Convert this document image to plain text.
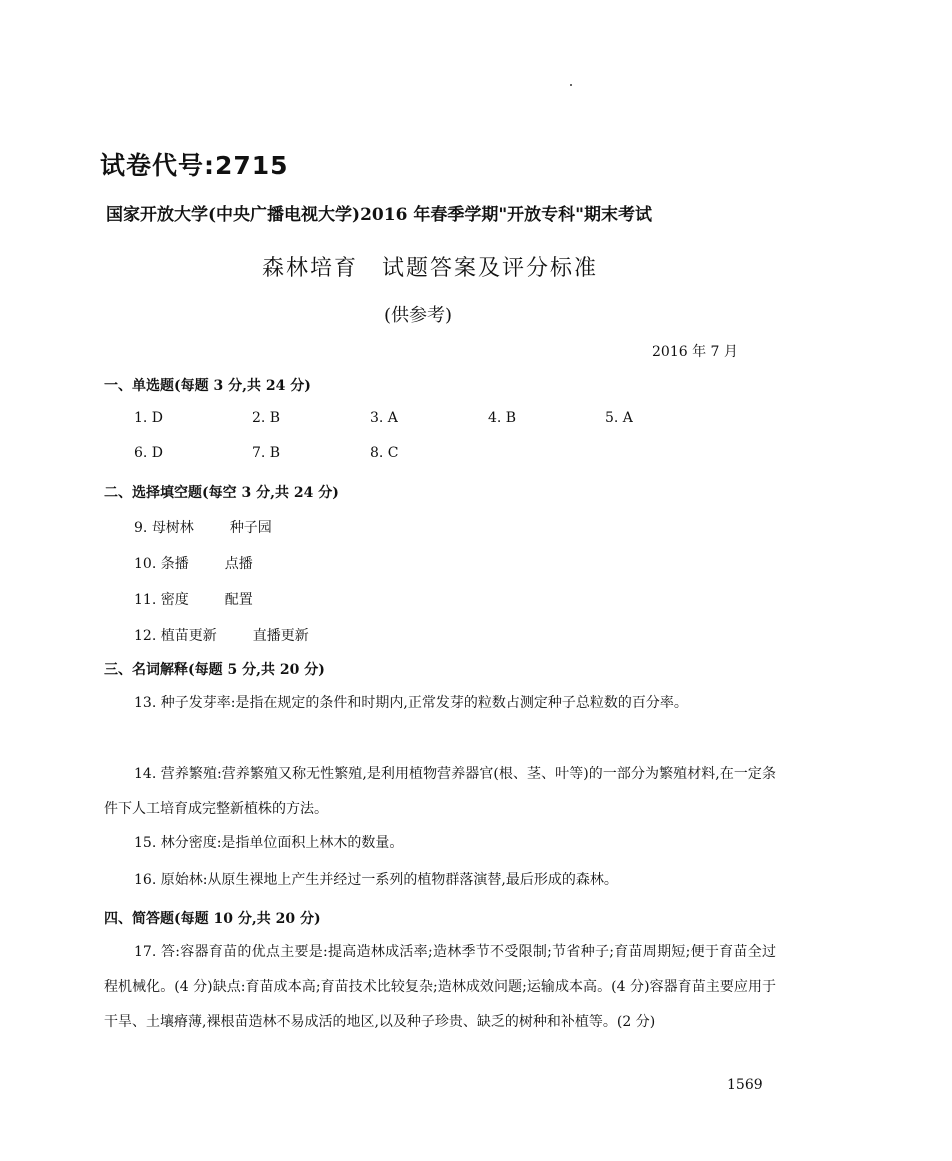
试卷代号:2715
国家开放大学(中央广播电视大学)2016 年春季学期"开放专科"期末考试
森林培育　试题答案及评分标准
(供参考)
2016 年 7 月
一、单选题(每题 3 分,共 24 分)
1. D	2. B	3. A	4. B	5. A
6. D	7. B	8. C
二、选择填空题(每空 3 分,共 24 分)
9. 母树林	种子园
10. 条播	点播
11. 密度	配置
12. 植苗更新	直播更新
三、名词解释(每题 5 分,共 20 分)
13. 种子发芽率:是指在规定的条件和时期内,正常发芽的粒数占测定种子总粒数的百分率。
14. 营养繁殖:营养繁殖又称无性繁殖,是利用植物营养器官(根、茎、叶等)的一部分为繁殖材料,在一定条件下人工培育成完整新植株的方法。
15. 林分密度:是指单位面积上林木的数量。
16. 原始林:从原生裸地上产生并经过一系列的植物群落演替,最后形成的森林。
四、简答题(每题 10 分,共 20 分)
17. 答:容器育苗的优点主要是:提高造林成活率;造林季节不受限制;节省种子;育苗周期短;便于育苗全过程机械化。(4 分)缺点:育苗成本高;育苗技术比较复杂;造林成效问题;运输成本高。(4 分)容器育苗主要应用于干旱、土壤瘠薄,裸根苗造林不易成活的地区,以及种子珍贵、缺乏的树种和补植等。(2 分)
1569
